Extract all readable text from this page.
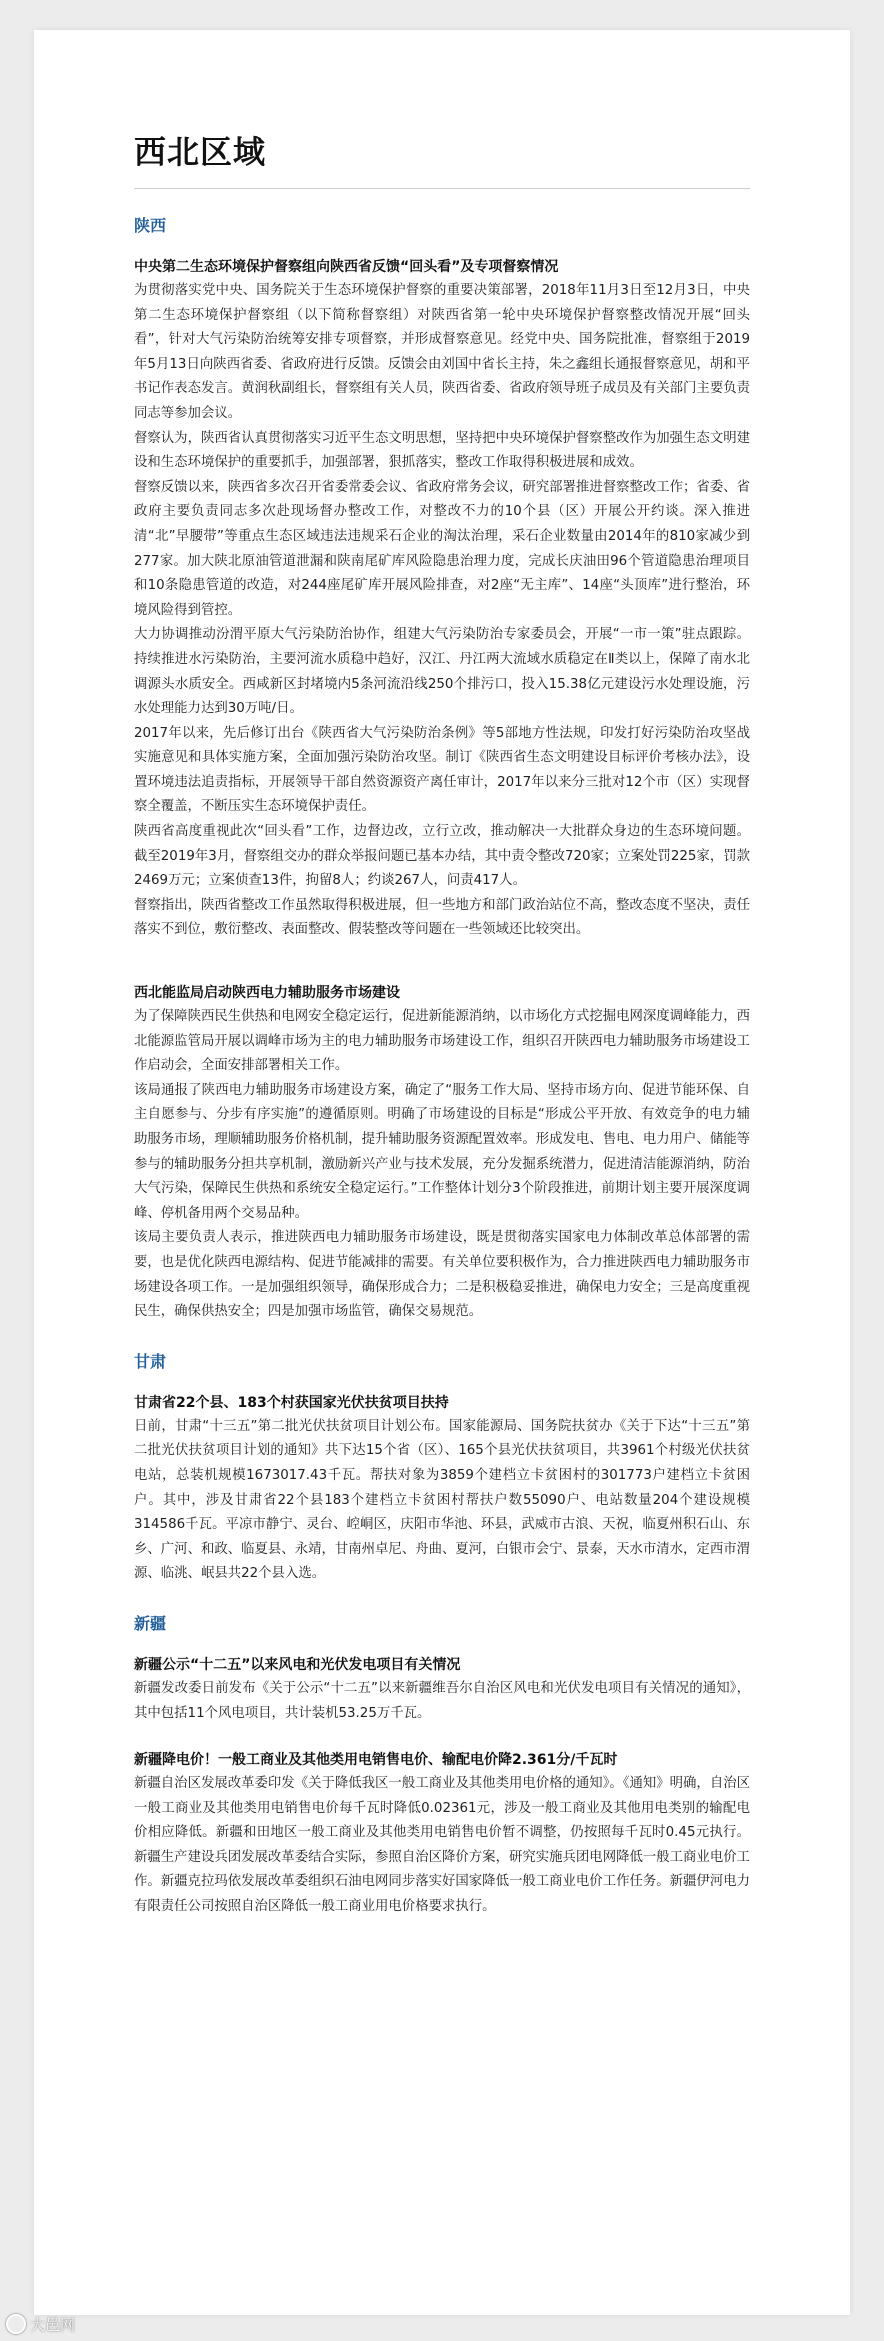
西北区域
陕西
中央第二生态环境保护督察组向陕西省反馈“回头看”及专项督察情况

为贯彻落实党中央、国务院关于生态环境保护督察的重要决策部署，2018年11月3日至12月3日，中央第二生态环境保护督察组（以下简称督察组）对陕西省第一轮中央环境保护督察整改情况开展“回头看”，针对大气污染防治统筹安排专项督察，并形成督察意见。经党中央、国务院批准，督察组于2019年5月13日向陕西省委、省政府进行反馈。反馈会由刘国中省长主持，朱之鑫组长通报督察意见，胡和平书记作表态发言。黄润秋副组长，督察组有关人员，陕西省委、省政府领导班子成员及有关部门主要负责同志等参加会议。

督察认为，陕西省认真贯彻落实习近平生态文明思想，坚持把中央环境保护督察整改作为加强生态文明建设和生态环境保护的重要抓手，加强部署，狠抓落实，整改工作取得积极进展和成效。

督察反馈以来，陕西省多次召开省委常委会议、省政府常务会议，研究部署推进督察整改工作；省委、省政府主要负责同志多次赴现场督办整改工作，对整改不力的10个县（区）开展公开约谈。深入推进清“北”早腰带”等重点生态区域违法违规采石企业的淘汰治理，采石企业数量由2014年的810家减少到277家。加大陕北原油管道泄漏和陕南尾矿库风险隐患治理力度，完成长庆油田96个管道隐患治理项目和10条隐患管道的改造，对244座尾矿库开展风险排查，对2座“无主库”、14座“头顶库”进行整治，环境风险得到管控。

大力协调推动汾渭平原大气污染防治协作，组建大气污染防治专家委员会，开展“一市一策”驻点跟踪。持续推进水污染防治，主要河流水质稳中趋好，汉江、丹江两大流域水质稳定在Ⅱ类以上，保障了南水北调源头水质安全。西咸新区封堵境内5条河流沿线250个排污口，投入15.38亿元建设污水处理设施，污水处理能力达到30万吨/日。

2017年以来，先后修订出台《陕西省大气污染防治条例》等5部地方性法规，印发打好污染防治攻坚战实施意见和具体实施方案，全面加强污染防治攻坚。制订《陕西省生态文明建设目标评价考核办法》，设置环境违法追责指标，开展领导干部自然资源资产离任审计，2017年以来分三批对12个市（区）实现督察全覆盖，不断压实生态环境保护责任。

陕西省高度重视此次“回头看”工作，边督边改，立行立改，推动解决一大批群众身边的生态环境问题。截至2019年3月，督察组交办的群众举报问题已基本办结，其中责令整改720家；立案处罚225家，罚款2469万元；立案侦查13件，拘留8人；约谈267人，问责417人。

督察指出，陕西省整改工作虽然取得积极进展，但一些地方和部门政治站位不高，整改态度不坚决，责任落实不到位，敷衍整改、表面整改、假装整改等问题在一些领域还比较突出。

西北能监局启动陕西电力辅助服务市场建设

为了保障陕西民生供热和电网安全稳定运行，促进新能源消纳，以市场化方式挖掘电网深度调峰能力，西北能源监管局开展以调峰市场为主的电力辅助服务市场建设工作，组织召开陕西电力辅助服务市场建设工作启动会，全面安排部署相关工作。

该局通报了陕西电力辅助服务市场建设方案，确定了“服务工作大局、坚持市场方向、促进节能环保、自主自愿参与、分步有序实施”的遵循原则。明确了市场建设的目标是“形成公平开放、有效竞争的电力辅助服务市场，理顺辅助服务价格机制，提升辅助服务资源配置效率。形成发电、售电、电力用户、储能等参与的辅助服务分担共享机制，激励新兴产业与技术发展，充分发掘系统潜力，促进清洁能源消纳，防治大气污染，保障民生供热和系统安全稳定运行。”工作整体计划分3个阶段推进，前期计划主要开展深度调峰、停机备用两个交易品种。

该局主要负责人表示，推进陕西电力辅助服务市场建设，既是贯彻落实国家电力体制改革总体部署的需要，也是优化陕西电源结构、促进节能减排的需要。有关单位要积极作为，合力推进陕西电力辅助服务市场建设各项工作。一是加强组织领导，确保形成合力；二是积极稳妥推进，确保电力安全；三是高度重视民生，确保供热安全；四是加强市场监管，确保交易规范。

甘肃
甘肃省22个县、183个村获国家光伏扶贫项目扶持

日前，甘肃“十三五”第二批光伏扶贫项目计划公布。国家能源局、国务院扶贫办《关于下达“十三五”第二批光伏扶贫项目计划的通知》共下达15个省（区）、165个县光伏扶贫项目，共3961个村级光伏扶贫电站，总装机规模1673017.43千瓦。帮扶对象为3859个建档立卡贫困村的301773户建档立卡贫困户。其中，涉及甘肃省22个县183个建档立卡贫困村帮扶户数55090户、电站数量204个建设规模314586千瓦。平凉市静宁、灵台、崆峒区，庆阳市华池、环县，武威市古浪、天祝，临夏州积石山、东乡、广河、和政、临夏县、永靖，甘南州卓尼、舟曲、夏河，白银市会宁、景泰，天水市清水，定西市渭源、临洮、岷县共22个县入选。

新疆
新疆公示“十二五”以来风电和光伏发电项目有关情况

新疆发改委日前发布《关于公示“十二五”以来新疆维吾尔自治区风电和光伏发电项目有关情况的通知》，其中包括11个风电项目，共计装机53.25万千瓦。

新疆降电价！一般工商业及其他类用电销售电价、输配电价降2.361分/千瓦时

新疆自治区发展改革委印发《关于降低我区一般工商业及其他类用电价格的通知》。《通知》明确，自治区一般工商业及其他类用电销售电价每千瓦时降低0.02361元，涉及一般工商业及其他用电类别的输配电价相应降低。新疆和田地区一般工商业及其他类用电销售电价暂不调整，仍按照每千瓦时0.45元执行。新疆生产建设兵团发展改革委结合实际，参照自治区降价方案，研究实施兵团电网降低一般工商业电价工作。新疆克拉玛依发展改革委组织石油电网同步落实好国家降低一般工商业电价工作任务。新疆伊河电力有限责任公司按照自治区降低一般工商业用电价格要求执行。

大邑网
